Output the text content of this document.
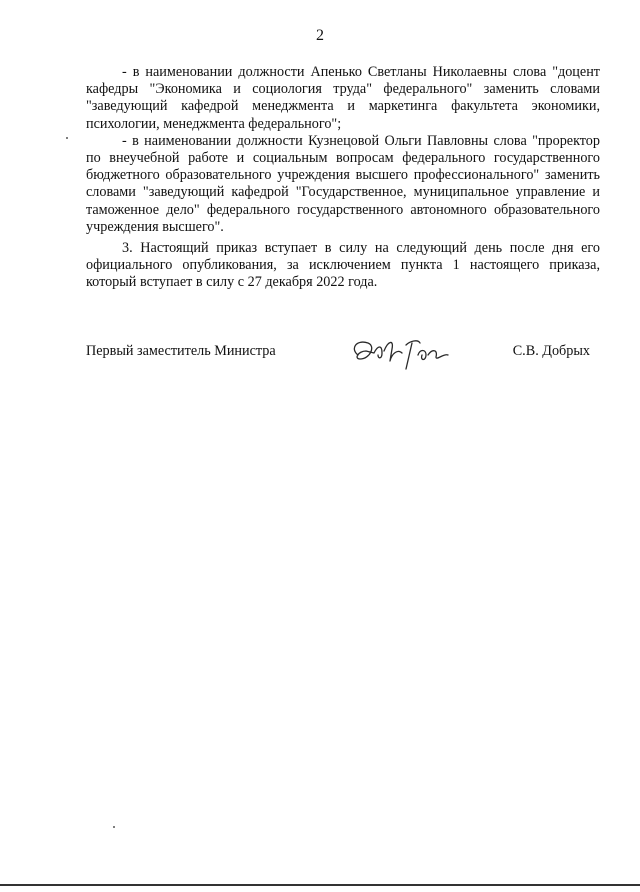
2

- в наименовании должности Апенько Светланы Николаевны слова "доцент кафедры "Экономика и социология труда" федерального" заменить словами "заведующий кафедрой менеджмента и маркетинга факультета экономики, психологии, менеджмента федерального";

- в наименовании должности Кузнецовой Ольги Павловны слова "проректор по внеучебной работе и социальным вопросам федерального государственного бюджетного образовательного учреждения высшего профессионального" заменить словами "заведующий кафедрой "Государственное, муниципальное управление и таможенное дело" федерального государственного автономного образовательного учреждения высшего".

3. Настоящий приказ вступает в силу на следующий день после дня его официального опубликования, за исключением пункта 1 настоящего приказа, который вступает в силу с 27 декабря 2022 года.

Первый заместитель Министра	С.В. Добрых
